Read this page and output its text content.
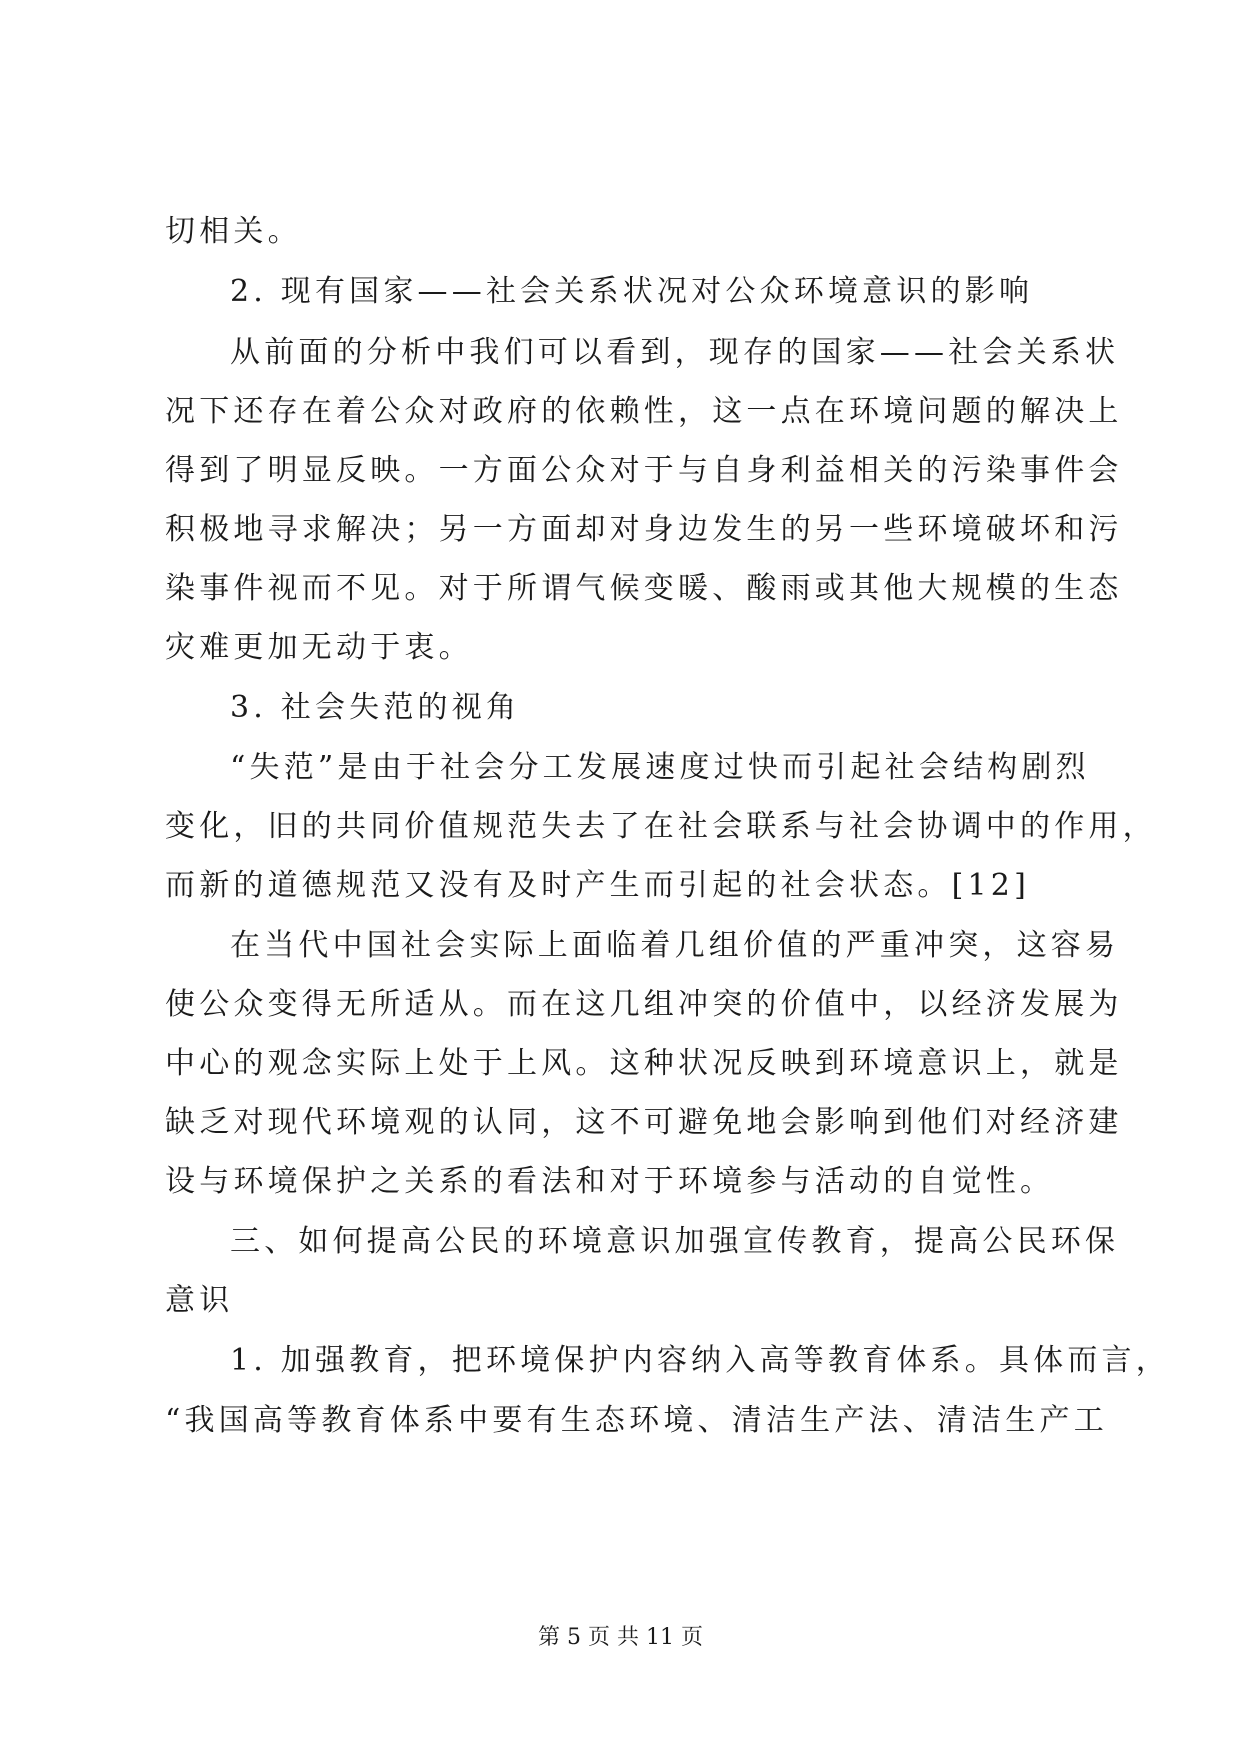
切相关。
2. 现有国家——社会关系状况对公众环境意识的影响
从前面的分析中我们可以看到，现存的国家——社会关系状
况下还存在着公众对政府的依赖性，这一点在环境问题的解决上
得到了明显反映。一方面公众对于与自身利益相关的污染事件会
积极地寻求解决；另一方面却对身边发生的另一些环境破坏和污
染事件视而不见。对于所谓气候变暖、酸雨或其他大规模的生态
灾难更加无动于衷。
3. 社会失范的视角
“失范”是由于社会分工发展速度过快而引起社会结构剧烈
变化，旧的共同价值规范失去了在社会联系与社会协调中的作用，
而新的道德规范又没有及时产生而引起的社会状态。[12]
在当代中国社会实际上面临着几组价值的严重冲突，这容易
使公众变得无所适从。而在这几组冲突的价值中，以经济发展为
中心的观念实际上处于上风。这种状况反映到环境意识上，就是
缺乏对现代环境观的认同，这不可避免地会影响到他们对经济建
设与环境保护之关系的看法和对于环境参与活动的自觉性。
三、如何提高公民的环境意识加强宣传教育，提高公民环保
意识
1. 加强教育，把环境保护内容纳入高等教育体系。具体而言，
“我国高等教育体系中要有生态环境、清洁生产法、清洁生产工
第 5 页 共 11 页
